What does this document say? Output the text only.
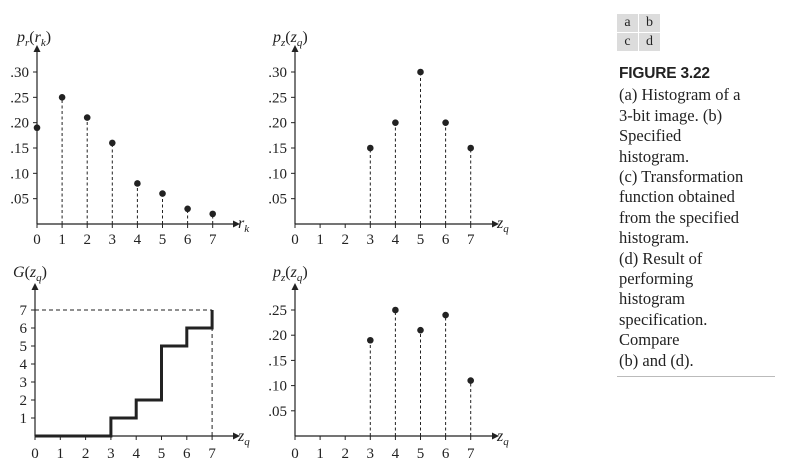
0 1 2 3 4 5 6 7
.05
.10
.15
.20
.25
.30
$p_r(r_k)$
$r_k$
0 1 2 3 4 5 6 7
.05
.10
.15
.20
.25
.30
$p_z(z_q)$
$z_q$
0 1 2 3 4 5 6 7
1
2
3
4
5
6
7
$G(z_q)$
$z_q$
0 1 2 3 4 5 6 7
.05
.10
.15
.20
.25
$p_z(z_q)$
$z_q$
a	b
c	d
FIGURE 3.22
(a) Histogram of a
3-bit image. (b)
Specified
histogram.
(c) Transformation
function obtained
from the specified
histogram.
(d) Result of
performing
histogram
specification.
Compare
(b) and (d).
